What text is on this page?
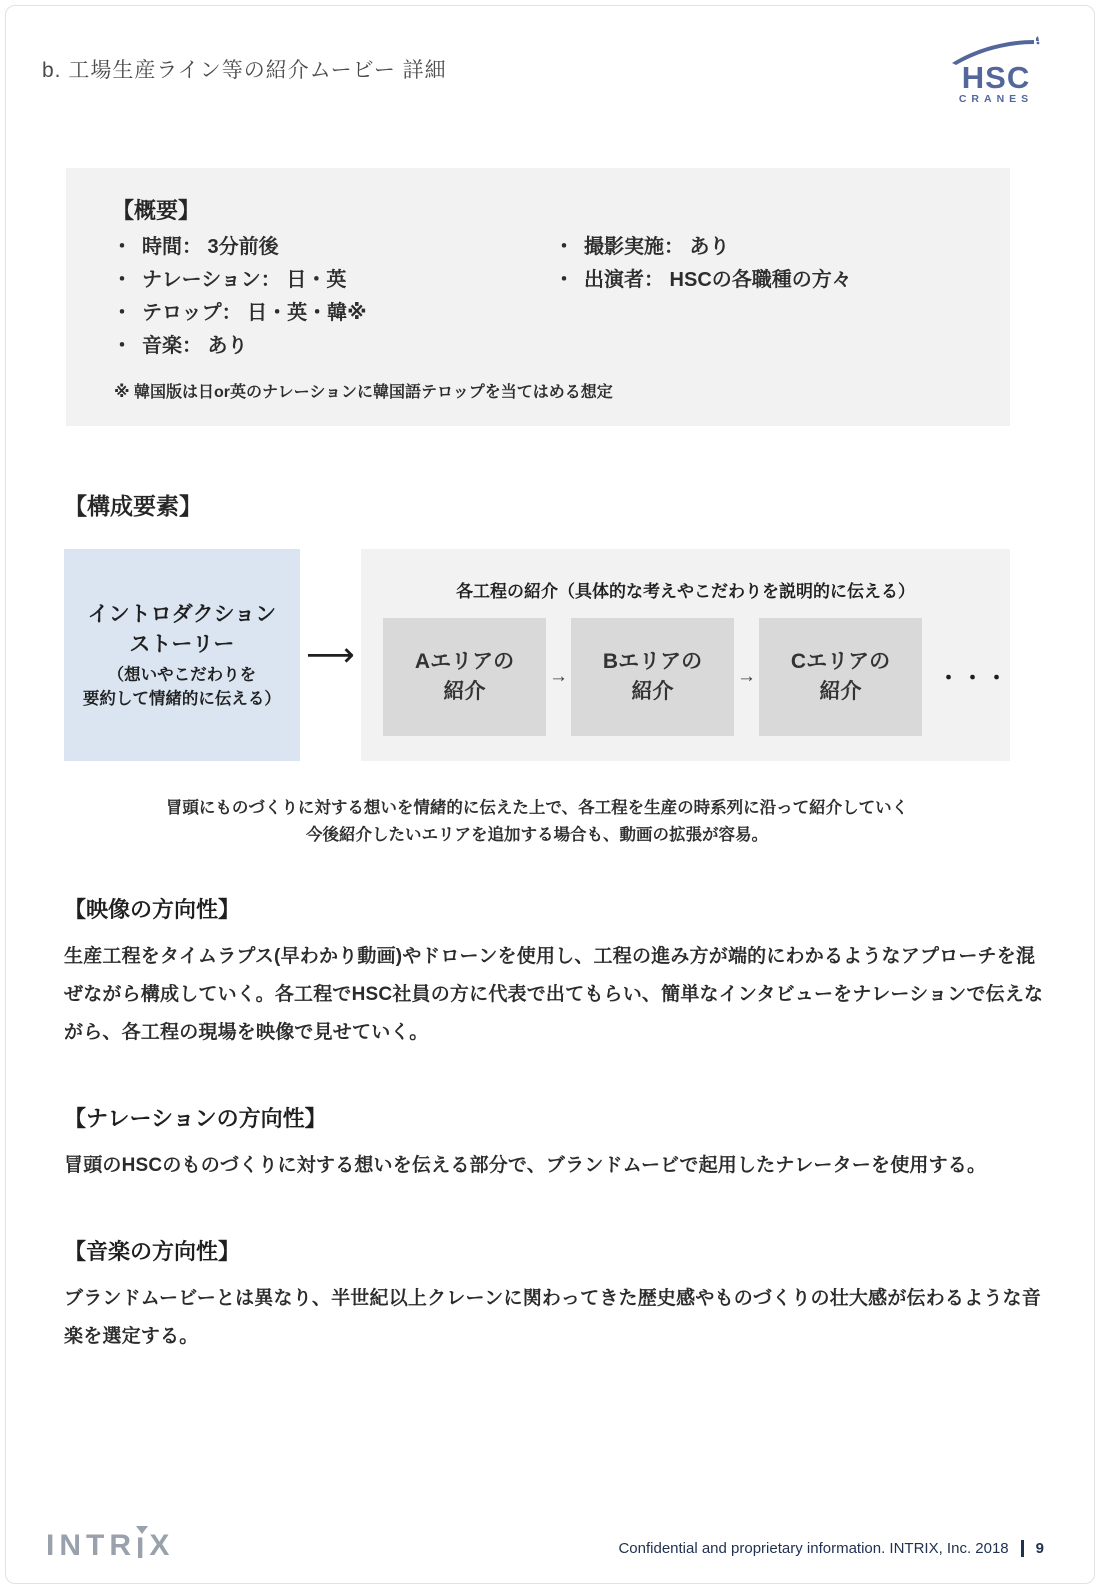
b. 工場生産ライン等の紹介ムービー 詳細	HSC
CRANES
【概要】
・ 時間： 3分前後
・ ナレーション： 日・英
・ テロップ： 日・英・韓※
・ 音楽： あり
・ 撮影実施： あり
・ 出演者： HSCの各職種の方々

※ 韓国版は日or英のナレーションに韓国語テロップを当てはめる想定

【構成要素】
イントロダクション
ストーリー
（想いやこだわりを
要約して情緒的に伝える）
⟶
各工程の紹介（具体的な考えやこだわりを説明的に伝える）
Aエリアの
紹介
→
Bエリアの
紹介
→
Cエリアの
紹介
・・・
冒頭にものづくりに対する想いを情緒的に伝えた上で、各工程を生産の時系列に沿って紹介していく
今後紹介したいエリアを追加する場合も、動画の拡張が容易。
【映像の方向性】

生産工程をタイムラプス(早わかり動画)やドローンを使用し、工程の進み方が端的にわかるようなアプローチを混ぜながら構成していく。各工程でHSC社員の方に代表で出てもらい、簡単なインタビューをナレーションで伝えながら、各工程の現場を映像で見せていく。

【ナレーションの方向性】

冒頭のHSCのものづくりに対する想いを伝える部分で、ブランドムービで起用したナレーターを使用する。

【音楽の方向性】

ブランドムービーとは異なり、半世紀以上クレーンに関わってきた歴史感やものづくりの壮大感が伝わるような音楽を選定する。

INTR
IX	Confidential and proprietary information. INTRIX, Inc. 2018 9
